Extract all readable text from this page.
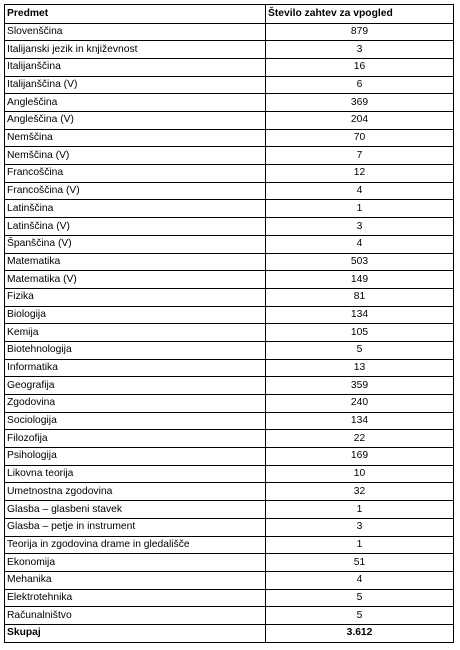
Predmet	Število zahtev za vpogled
Slovenščina	879
Italijanski jezik in književnost	3
Italijanščina	16
Italijanščina (V)	6
Angleščina	369
Angleščina (V)	204
Nemščina	70
Nemščina (V)	7
Francoščina	12
Francoščina (V)	4
Latinščina	1
Latinščina (V)	3
Španščina (V)	4
Matematika	503
Matematika (V)	149
Fizika	81
Biologija	134
Kemija	105
Biotehnologija	5
Informatika	13
Geografija	359
Zgodovina	240
Sociologija	134
Filozofija	22
Psihologija	169
Likovna teorija	10
Umetnostna zgodovina	32
Glasba – glasbeni stavek	1
Glasba – petje in instrument	3
Teorija in zgodovina drame in gledališče	1
Ekonomija	51
Mehanika	4
Elektrotehnika	5
Računalništvo	5
Skupaj	3.612
